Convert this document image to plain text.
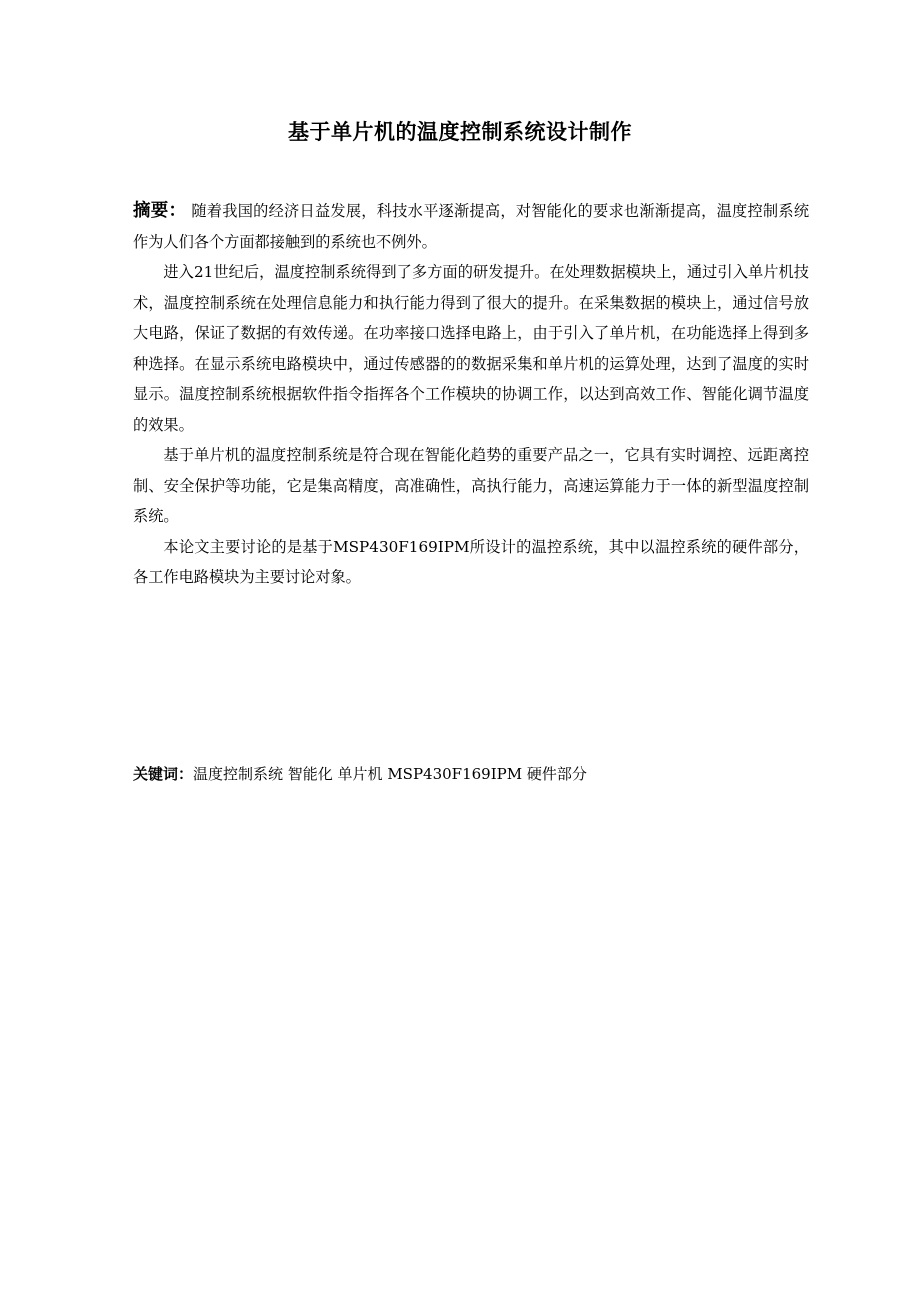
基于单片机的温度控制系统设计制作

摘要： 随着我国的经济日益发展，科技水平逐渐提高，对智能化的要求也渐渐提高，温度控制系统作为人们各个方面都接触到的系统也不例外。

进入21世纪后，温度控制系统得到了多方面的研发提升。在处理数据模块上，通过引入单片机技术，温度控制系统在处理信息能力和执行能力得到了很大的提升。在采集数据的模块上，通过信号放大电路，保证了数据的有效传递。在功率接口选择电路上，由于引入了单片机，在功能选择上得到多种选择。在显示系统电路模块中，通过传感器的的数据采集和单片机的运算处理，达到了温度的实时显示。温度控制系统根据软件指令指挥各个工作模块的协调工作，以达到高效工作、智能化调节温度的效果。

基于单片机的温度控制系统是符合现在智能化趋势的重要产品之一，它具有实时调控、远距离控制、安全保护等功能，它是集高精度，高准确性，高执行能力，高速运算能力于一体的新型温度控制系统。

本论文主要讨论的是基于MSP430F169IPM所设计的温控系统，其中以温控系统的硬件部分，各工作电路模块为主要讨论对象。

关键词：温度控制系统 智能化 单片机 MSP430F169IPM 硬件部分
